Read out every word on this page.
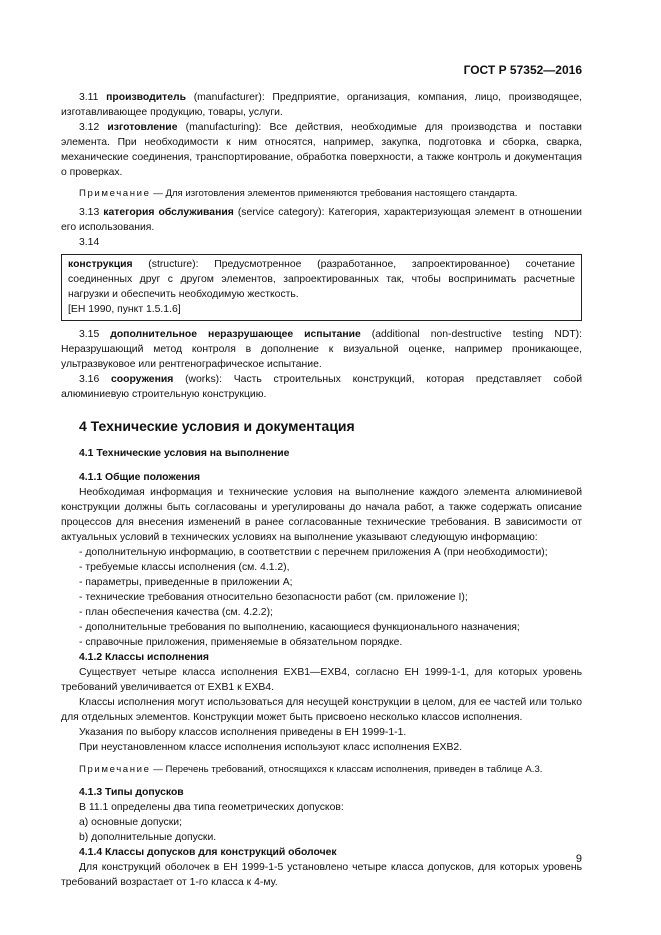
ГОСТ Р 57352—2016

3.11 производитель (manufacturer): Предприятие, организация, компания, лицо, производящее, изготавливающее продукцию, товары, услуги.

3.12 изготовление (manufacturing): Все действия, необходимые для производства и поставки элемента. При необходимости к ним относятся, например, закупка, подготовка и сборка, сварка, механические соединения, транспортирование, обработка поверхности, а также контроль и документация о проверках.

Примечание — Для изготовления элементов применяются требования настоящего стандарта.

3.13 категория обслуживания (service category): Категория, характеризующая элемент в отношении его использования.

3.14

конструкция (structure): Предусмотренное (разработанное, запроектированное) сочетание соединенных друг с другом элементов, запроектированных так, чтобы воспринимать расчетные нагрузки и обеспечить необходимую жесткость.

[ЕН 1990, пункт 1.5.1.6]

3.15 дополнительное неразрушающее испытание (additional non-destructive testing NDT): Неразрушающий метод контроля в дополнение к визуальной оценке, например проникающее, ультразвуковое или рентгенографическое испытание.

3.16 сооружения (works): Часть строительных конструкций, которая представляет собой алюминиевую строительную конструкцию.

4 Технические условия и документация
4.1 Технические условия на выполнение
4.1.1 Общие положения

Необходимая информация и технические условия на выполнение каждого элемента алюминиевой конструкции должны быть согласованы и урегулированы до начала работ, а также содержать описание процессов для внесения изменений в ранее согласованные технические требования. В зависимости от актуальных условий в технических условиях на выполнение указывают следующую информацию:

- дополнительную информацию, в соответствии с перечнем приложения А (при необходимости);
- требуемые классы исполнения (см. 4.1.2),
- параметры, приведенные в приложении А;
- технические требования относительно безопасности работ (см. приложение I);
- план обеспечения качества (см. 4.2.2);
- дополнительные требования по выполнению, касающиеся функционального назначения;
- справочные приложения, применяемые в обязательном порядке.
4.1.2 Классы исполнения

Существует четыре класса исполнения EXB1—EXB4, согласно ЕН 1999-1-1, для которых уровень требований увеличивается от EXB1 к EXB4.

Классы исполнения могут использоваться для несущей конструкции в целом, для ее частей или только для отдельных элементов. Конструкции может быть присвоено несколько классов исполнения.

Указания по выбору классов исполнения приведены в ЕН 1999-1-1.

При неустановленном классе исполнения используют класс исполнения EXB2.

Примечание — Перечень требований, относящихся к классам исполнения, приведен в таблице А.3.

4.1.3 Типы допусков

В 11.1 определены два типа геометрических допусков:

a) основные допуски;

b) дополнительные допуски.

4.1.4 Классы допусков для конструкций оболочек

Для конструкций оболочек в ЕН 1999-1-5 установлено четыре класса допусков, для которых уровень требований возрастает от 1-го класса к 4-му.

9
